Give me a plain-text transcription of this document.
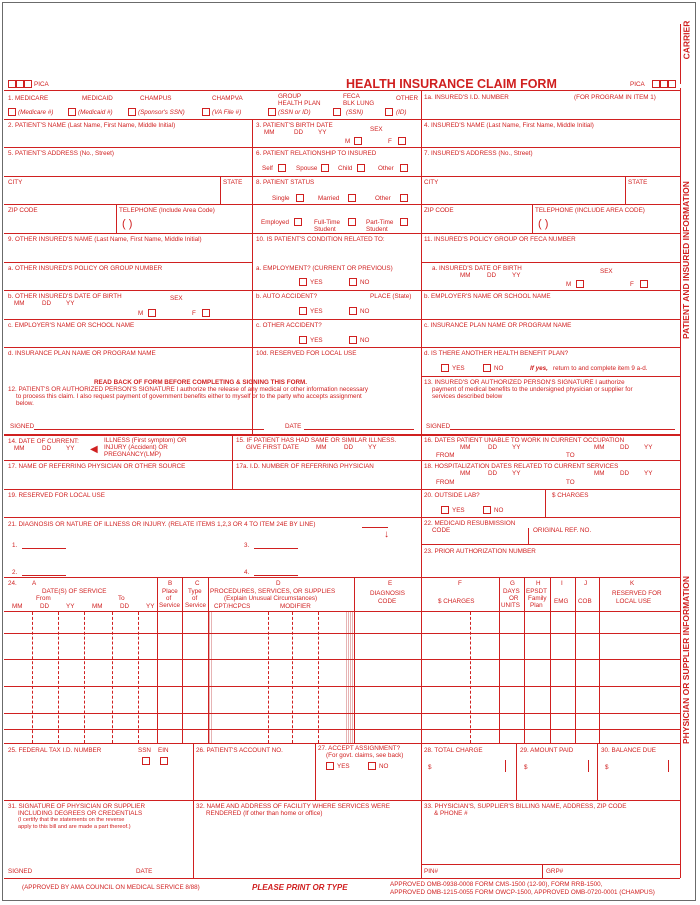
CARRIER
PATIENT AND INSURED INFORMATION
PHYSICIAN OR SUPPLIER INFORMATION
PICA	HEALTH INSURANCE CLAIM FORM	PICA
1. MEDICARE	MEDICAID	CHAMPUS	CHAMPVA	GROUP
HEALTH PLAN
FECA
BLK LUNG
OTHER
(Medicare #)	(Medicaid #)	(Sponsor's SSN)	(VA File #)	(SSN or ID)	(SSN)	(ID)
1a. INSURED'S I.D. NUMBER	(FOR PROGRAM IN ITEM 1)
2. PATIENT'S NAME (Last Name, First Name, Middle Initial)	3. PATIENT'S BIRTH DATE
SEX
MM	DD YY
M	F
4. INSURED'S NAME (Last Name, First Name, Middle Initial)
5. PATIENT'S ADDRESS (No., Street)	6. PATIENT RELATIONSHIP TO INSURED
Self	Spouse	Child	Other
7. INSURED'S ADDRESS (No., Street)
CITY	STATE 8. PATIENT STATUS
Single	Married	Other
CITY	STATE
ZIP CODE	TELEPHONE (Include Area Code)
( )	Employed	Full-Time
Student
Part-Time
Student
ZIP CODE	TELEPHONE (INCLUDE AREA CODE)
( )
9. OTHER INSURED'S NAME (Last Name, First Name, Middle Initial)	10. IS PATIENT'S CONDITION RELATED TO:	11. INSURED'S POLICY GROUP OR FECA NUMBER
a. OTHER INSURED'S POLICY OR GROUP NUMBER	a. EMPLOYMENT? (CURRENT OR PREVIOUS)
YES	NO
a. INSURED'S DATE OF BIRTH	SEX
MM	DD	YY
M	F
b. OTHER INSURED'S DATE OF BIRTH
MM	DD YY
SEX
M	F
b. AUTO ACCIDENT?	PLACE (State)
YES	NO
b. EMPLOYER'S NAME OR SCHOOL NAME
c. EMPLOYER'S NAME OR SCHOOL NAME	c. OTHER ACCIDENT?
YES	NO
c. INSURANCE PLAN NAME OR PROGRAM NAME
d. INSURANCE PLAN NAME OR PROGRAM NAME	10d. RESERVED FOR LOCAL USE	d. IS THERE ANOTHER HEALTH BENEFIT PLAN?
YES	NO	If yes, return to and complete item 9 a-d.
READ BACK OF FORM BEFORE COMPLETING & SIGNING THIS FORM.
12. PATIENT'S OR AUTHORIZED PERSON'S SIGNATURE I authorize the release of any medical or other information necessary
to process this claim. I also request payment of government benefits either to myself or to the party who accepts assignment
below.
SIGNED	DATE
13. INSURED'S OR AUTHORIZED PERSON'S SIGNATURE I authorize
payment of medical benefits to the undersigned physician or supplier for
services described below
SIGNED
14. DATE OF CURRENT:
MM	DD YY ◀
ILLNESS (First symptom) OR
INJURY (Accident) OR
PREGNANCY(LMP)
15. IF PATIENT HAS HAD SAME OR SIMILAR ILLNESS.
GIVE FIRST DATE	MM	DD YY
16. DATES PATIENT UNABLE TO WORK IN CURRENT OCCUPATION
MM	DD YY	MM DD YY
FROM	TO
17. NAME OF REFERRING PHYSICIAN OR OTHER SOURCE	17a. I.D. NUMBER OF REFERRING PHYSICIAN	18. HOSPITALIZATION DATES RELATED TO CURRENT SERVICES
MM	DD YY	MM DD YY
FROM	TO
19. RESERVED FOR LOCAL USE	20. OUTSIDE LAB?	$ CHARGES
YES	NO
21. DIAGNOSIS OR NATURE OF ILLNESS OR INJURY. (RELATE ITEMS 1,2,3 OR 4 TO ITEM 24E BY LINE)
↓
1.	3.
2.	4.
22. MEDICAID RESUBMISSION
CODE	ORIGINAL REF. NO.
23. PRIOR AUTHORIZATION NUMBER
24. A	B	C	D	E	F	G	H	I	J	K
DATE(S) OF SERVICE
From	To
MM	DD	YY	MM	DD	YY
Place
of
Service
Type
of
Service
PROCEDURES, SERVICES, OR SUPPLIES
(Explain Unusual Circumstances)
CPT/HCPCS	MODIFIER
DIAGNOSIS
CODE	$ CHARGES
DAYS
OR
UNITS
EPSDT
Family
Plan
EMG COB
RESERVED FOR
LOCAL USE
25. FEDERAL TAX I.D. NUMBER	SSN EIN	26. PATIENT'S ACCOUNT NO.	27. ACCEPT ASSIGNMENT?
(For govt. claims, see back)
YES	NO
28. TOTAL CHARGE
$
29. AMOUNT PAID
$
30. BALANCE DUE
$
31. SIGNATURE OF PHYSICIAN OR SUPPLIER
INCLUDING DEGREES OR CREDENTIALS
(I certify that the statements on the reverse
apply to this bill and are made a part thereof.)
SIGNED	DATE
32. NAME AND ADDRESS OF FACILITY WHERE SERVICES WERE
RENDERED (If other than home or office)
33. PHYSICIAN'S, SUPPLIER'S BILLING NAME, ADDRESS, ZIP CODE
& PHONE #
PIN#	GRP#
(APPROVED BY AMA COUNCIL ON MEDICAL SERVICE 8/88)	PLEASE PRINT OR TYPE	APPROVED OMB-0938-0008 FORM CMS-1500 (12-90), FORM RRB-1500,
APPROVED OMB-1215-0055 FORM OWCP-1500, APPROVED OMB-0720-0001 (CHAMPUS)
